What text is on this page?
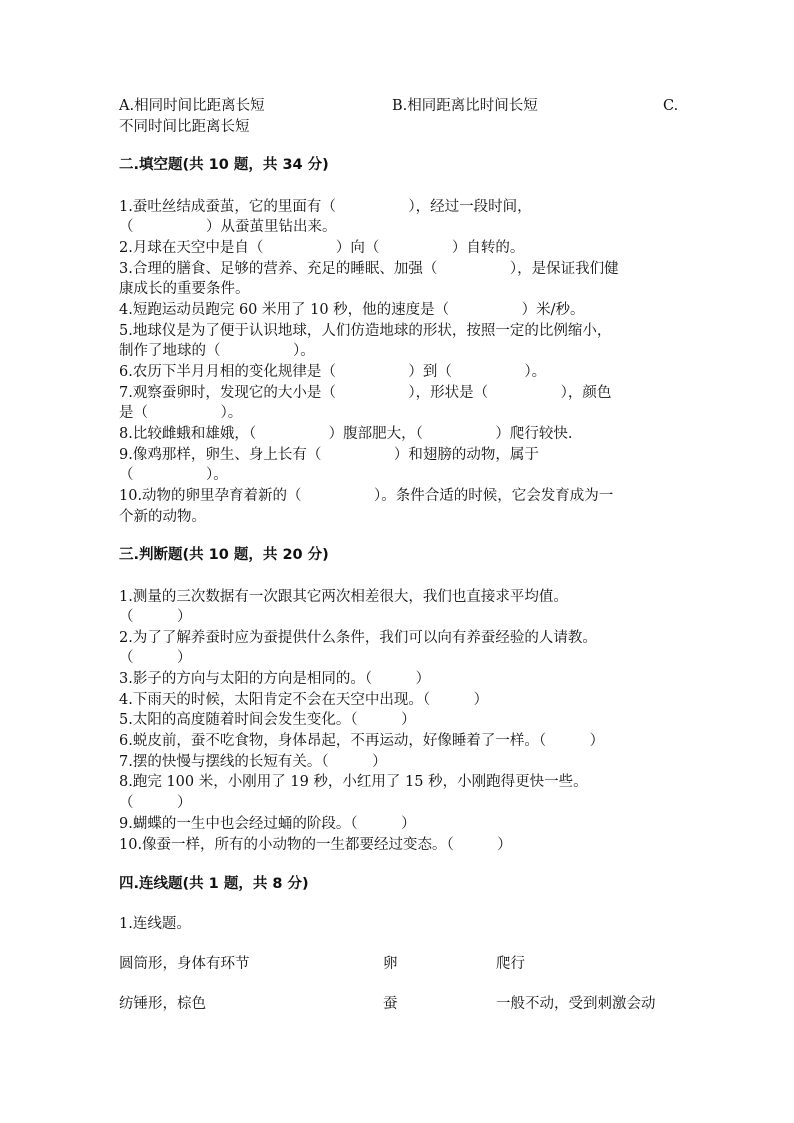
A.相同时间比距离长短	B.相同距离比时间长短	C.
不同时间比距离长短
二.填空题(共 10 题，共 34 分)
1.蚕吐丝结成蚕茧，它的里面有（　　　　　），经过一段时间，
（　　　　　）从蚕茧里钻出来。
2.月球在天空中是自（　　　　　）向（　　　　　）自转的。
3.合理的膳食、足够的营养、充足的睡眠、加强（　　　　　），是保证我们健
康成长的重要条件。
4.短跑运动员跑完 60 米用了 10 秒，他的速度是（　　　　　）米/秒。
5.地球仪是为了便于认识地球，人们仿造地球的形状，按照一定的比例缩小，
制作了地球的（　　　　　）。
6.农历下半月月相的变化规律是（　　　　　）到（　　　　　）。
7.观察蚕卵时，发现它的大小是（　　　　　），形状是（　　　　　），颜色
是（　　　　　）。
8.比较雌蛾和雄娥，（　　　　　）腹部肥大，（　　　　　）爬行较快.
9.像鸡那样，卵生、身上长有（　　　　　）和翅膀的动物，属于
（　　　　　）。
10.动物的卵里孕育着新的（　　　　　）。条件合适的时候，它会发育成为一
个新的动物。
三.判断题(共 10 题，共 20 分)
1.测量的三次数据有一次跟其它两次相差很大，我们也直接求平均值。
（　　　）
2.为了了解养蚕时应为蚕提供什么条件，我们可以向有养蚕经验的人请教。
（　　　）
3.影子的方向与太阳的方向是相同的。（　　　）
4.下雨天的时候，太阳肯定不会在天空中出现。（　　　）
5.太阳的高度随着时间会发生变化。（　　　）
6.蜕皮前，蚕不吃食物，身体昂起，不再运动，好像睡着了一样。（　　　）
7.摆的快慢与摆线的长短有关。（　　　）
8.跑完 100 米，小刚用了 19 秒，小红用了 15 秒，小刚跑得更快一些。
（　　　）
9.蝴蝶的一生中也会经过蛹的阶段。（　　　）
10.像蚕一样，所有的小动物的一生都要经过变态。（　　　）
四.连线题(共 1 题，共 8 分)
1.连线题。
圆筒形，身体有环节	卵	爬行
纺锤形，棕色	蚕	一般不动，受到刺激会动
